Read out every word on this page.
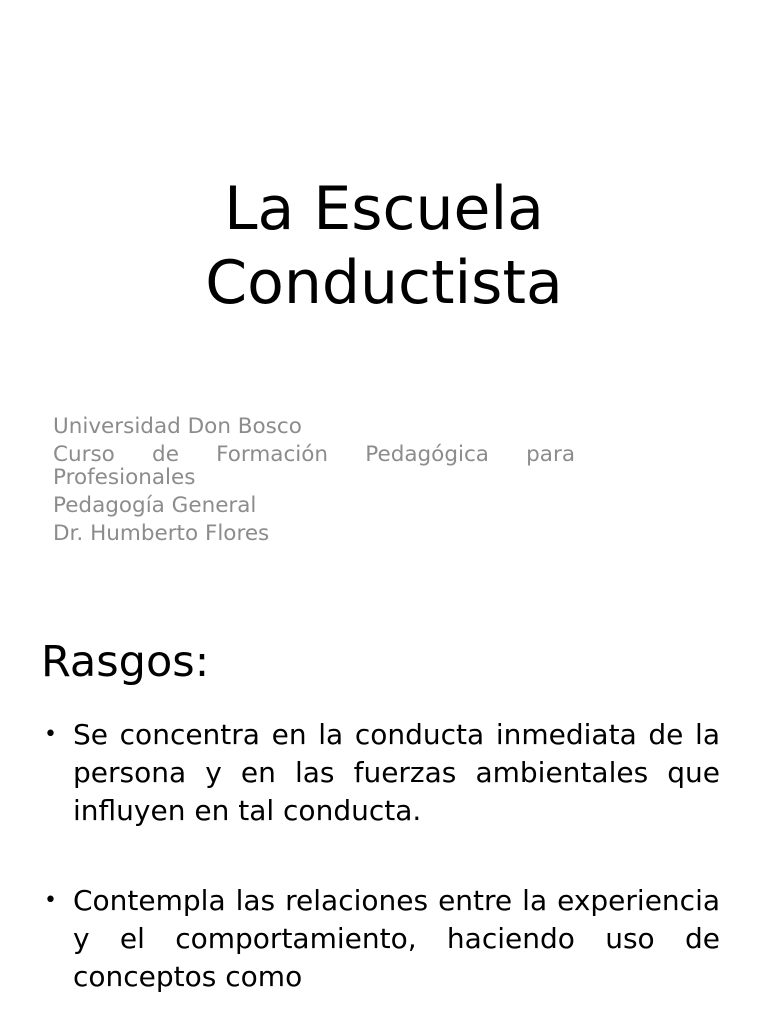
La Escuela
Conductista
Universidad Don Bosco
Curso de Formación Pedagógica para
Profesionales
Pedagogía General
Dr. Humberto Flores
Rasgos:
• Se concentra en la conducta inmediata de la persona y en las fuerzas ambientales que influyen en tal conducta.
• Contempla las relaciones entre la experiencia y el comportamiento, haciendo uso de conceptos como
